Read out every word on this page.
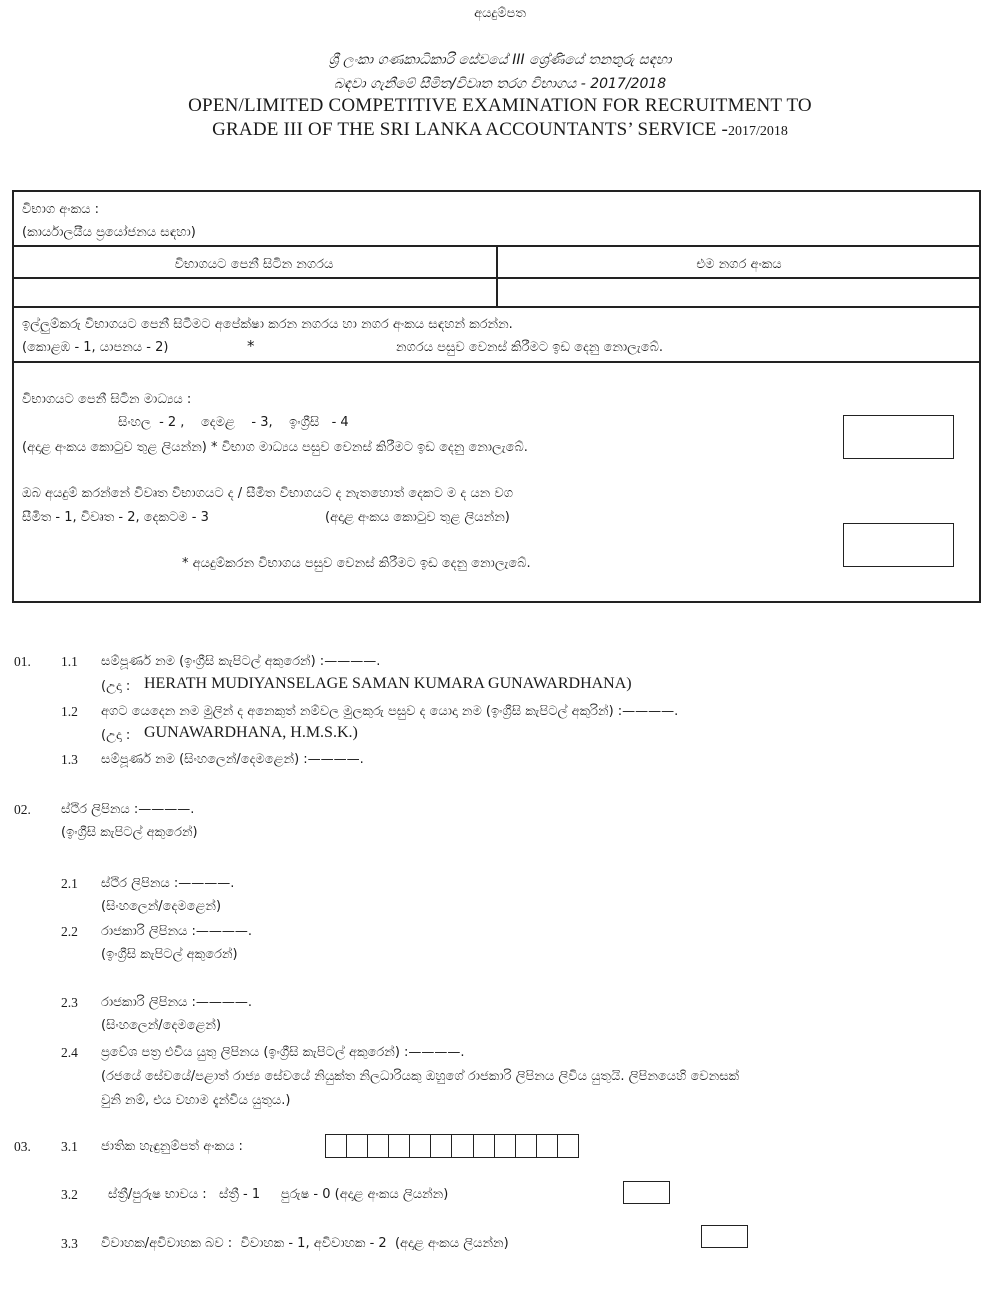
අයදුම්පත
ශ්‍රී ලංකා ගණකාධිකාරි සේවයේ III ශ්‍රේණියේ තනතුරු සඳහා
බඳවා ගැනීමේ සීමිත/විවෘත තරග විභාගය - 2017/2018
OPEN/LIMITED COMPETITIVE EXAMINATION FOR RECRUITMENT TO
GRADE III OF THE SRI LANKA ACCOUNTANTS’ SERVICE -2017/2018
විභාග අංකය :
(කාර්යාලයීය ප්‍රයෝජනය සඳහා)
විභාගයට පෙනී සිටින නගරය	එම නගර අංකය
ඉල්ලුම්කරු විභාගයට පෙනී සිටීමට අපේක්ෂා කරන නගරය හා නගර අංකය සඳහන් කරන්න.
(කොළඹ - 1, යාපනය - 2)	*	නගරය පසුව වෙනස් කිරීමට ඉඩ දෙනු නොලැබේ.
විභාගයට පෙනී සිටින මාධ්‍යය :
සිංහල  - 2 ,    දෙමළ    - 3,    ඉංග්‍රීසි   - 4
(අදාළ අංකය කොටුව තුළ ලියන්න) * විභාග මාධ්‍යය පසුව වෙනස් කිරීමට ඉඩ දෙනු නොලැබේ.
ඔබ අයදුම් කරන්නේ විවෘත විභාගයට ද / සීමිත විභාගයට ද නැතහොත් දෙකට ම ද යන වග
සීමිත - 1, විවෘත - 2, දෙකටම - 3	(අදාළ අංකය කොටුව තුළ ලියන්න)
* අයදුම්කරන විභාගය පසුව වෙනස් කිරීමට ඉඩ දෙනු නොලැබේ.
01. 1.1 සම්පූර්ණ නම (ඉංග්‍රීසි කැපිටල් අකුරෙන්) :————.
(උදා : HERATH MUDIYANSELAGE SAMAN KUMARA GUNAWARDHANA)
1.2 අගට යෙදෙන නම මුලින් ද අනෙකුත් නම්වල මුලකුරු පසුව ද යොදා නම (ඉංග්‍රීසි කැපිටල් අකුරින්) :————.
(උදා : GUNAWARDHANA, H.M.S.K.)
1.3 සම්පූර්ණ නම (සිංහලෙන්/දෙමළෙන්) :————.
02. ස්ථිර ලිපිනය :————.
(ඉංග්‍රීසි කැපිටල් අකුරෙන්)
2.1 ස්ථිර ලිපිනය :————.
(සිංහලෙන්/දෙමළෙන්)
2.2 රාජකාරි ලිපිනය :————.
(ඉංග්‍රීසි කැපිටල් අකුරෙන්)
2.3 රාජකාරි ලිපිනය :————.
(සිංහලෙන්/දෙමළෙන්)
2.4 ප්‍රවේශ පත්‍ර එවිය යුතු ලිපිනය (ඉංග්‍රීසි කැපිටල් අකුරෙන්) :————.
(රජයේ සේවයේ/පළාත් රාජ්‍ය සේවයේ නියුක්ත නිලධාරියකු ඔහුගේ රාජකාරි ලිපිනය ලිවිය යුතුයි. ලිපිනයෙහි වෙනසක්
වුනි නම්, එය වහාම දැන්විය යුතුය.)
03. 3.1 ජාතික හැඳුනුම්පත් අංකය :
3.2 ස්ත්‍රී/පුරුෂ භාවය :   ස්ත්‍රී - 1     පුරුෂ - 0 (අදාළ අංකය ලියන්න)
3.3 විවාහක/අවිවාහක බව :  විවාහක - 1, අවිවාහක - 2  (අදාළ අංකය ලියන්න)
